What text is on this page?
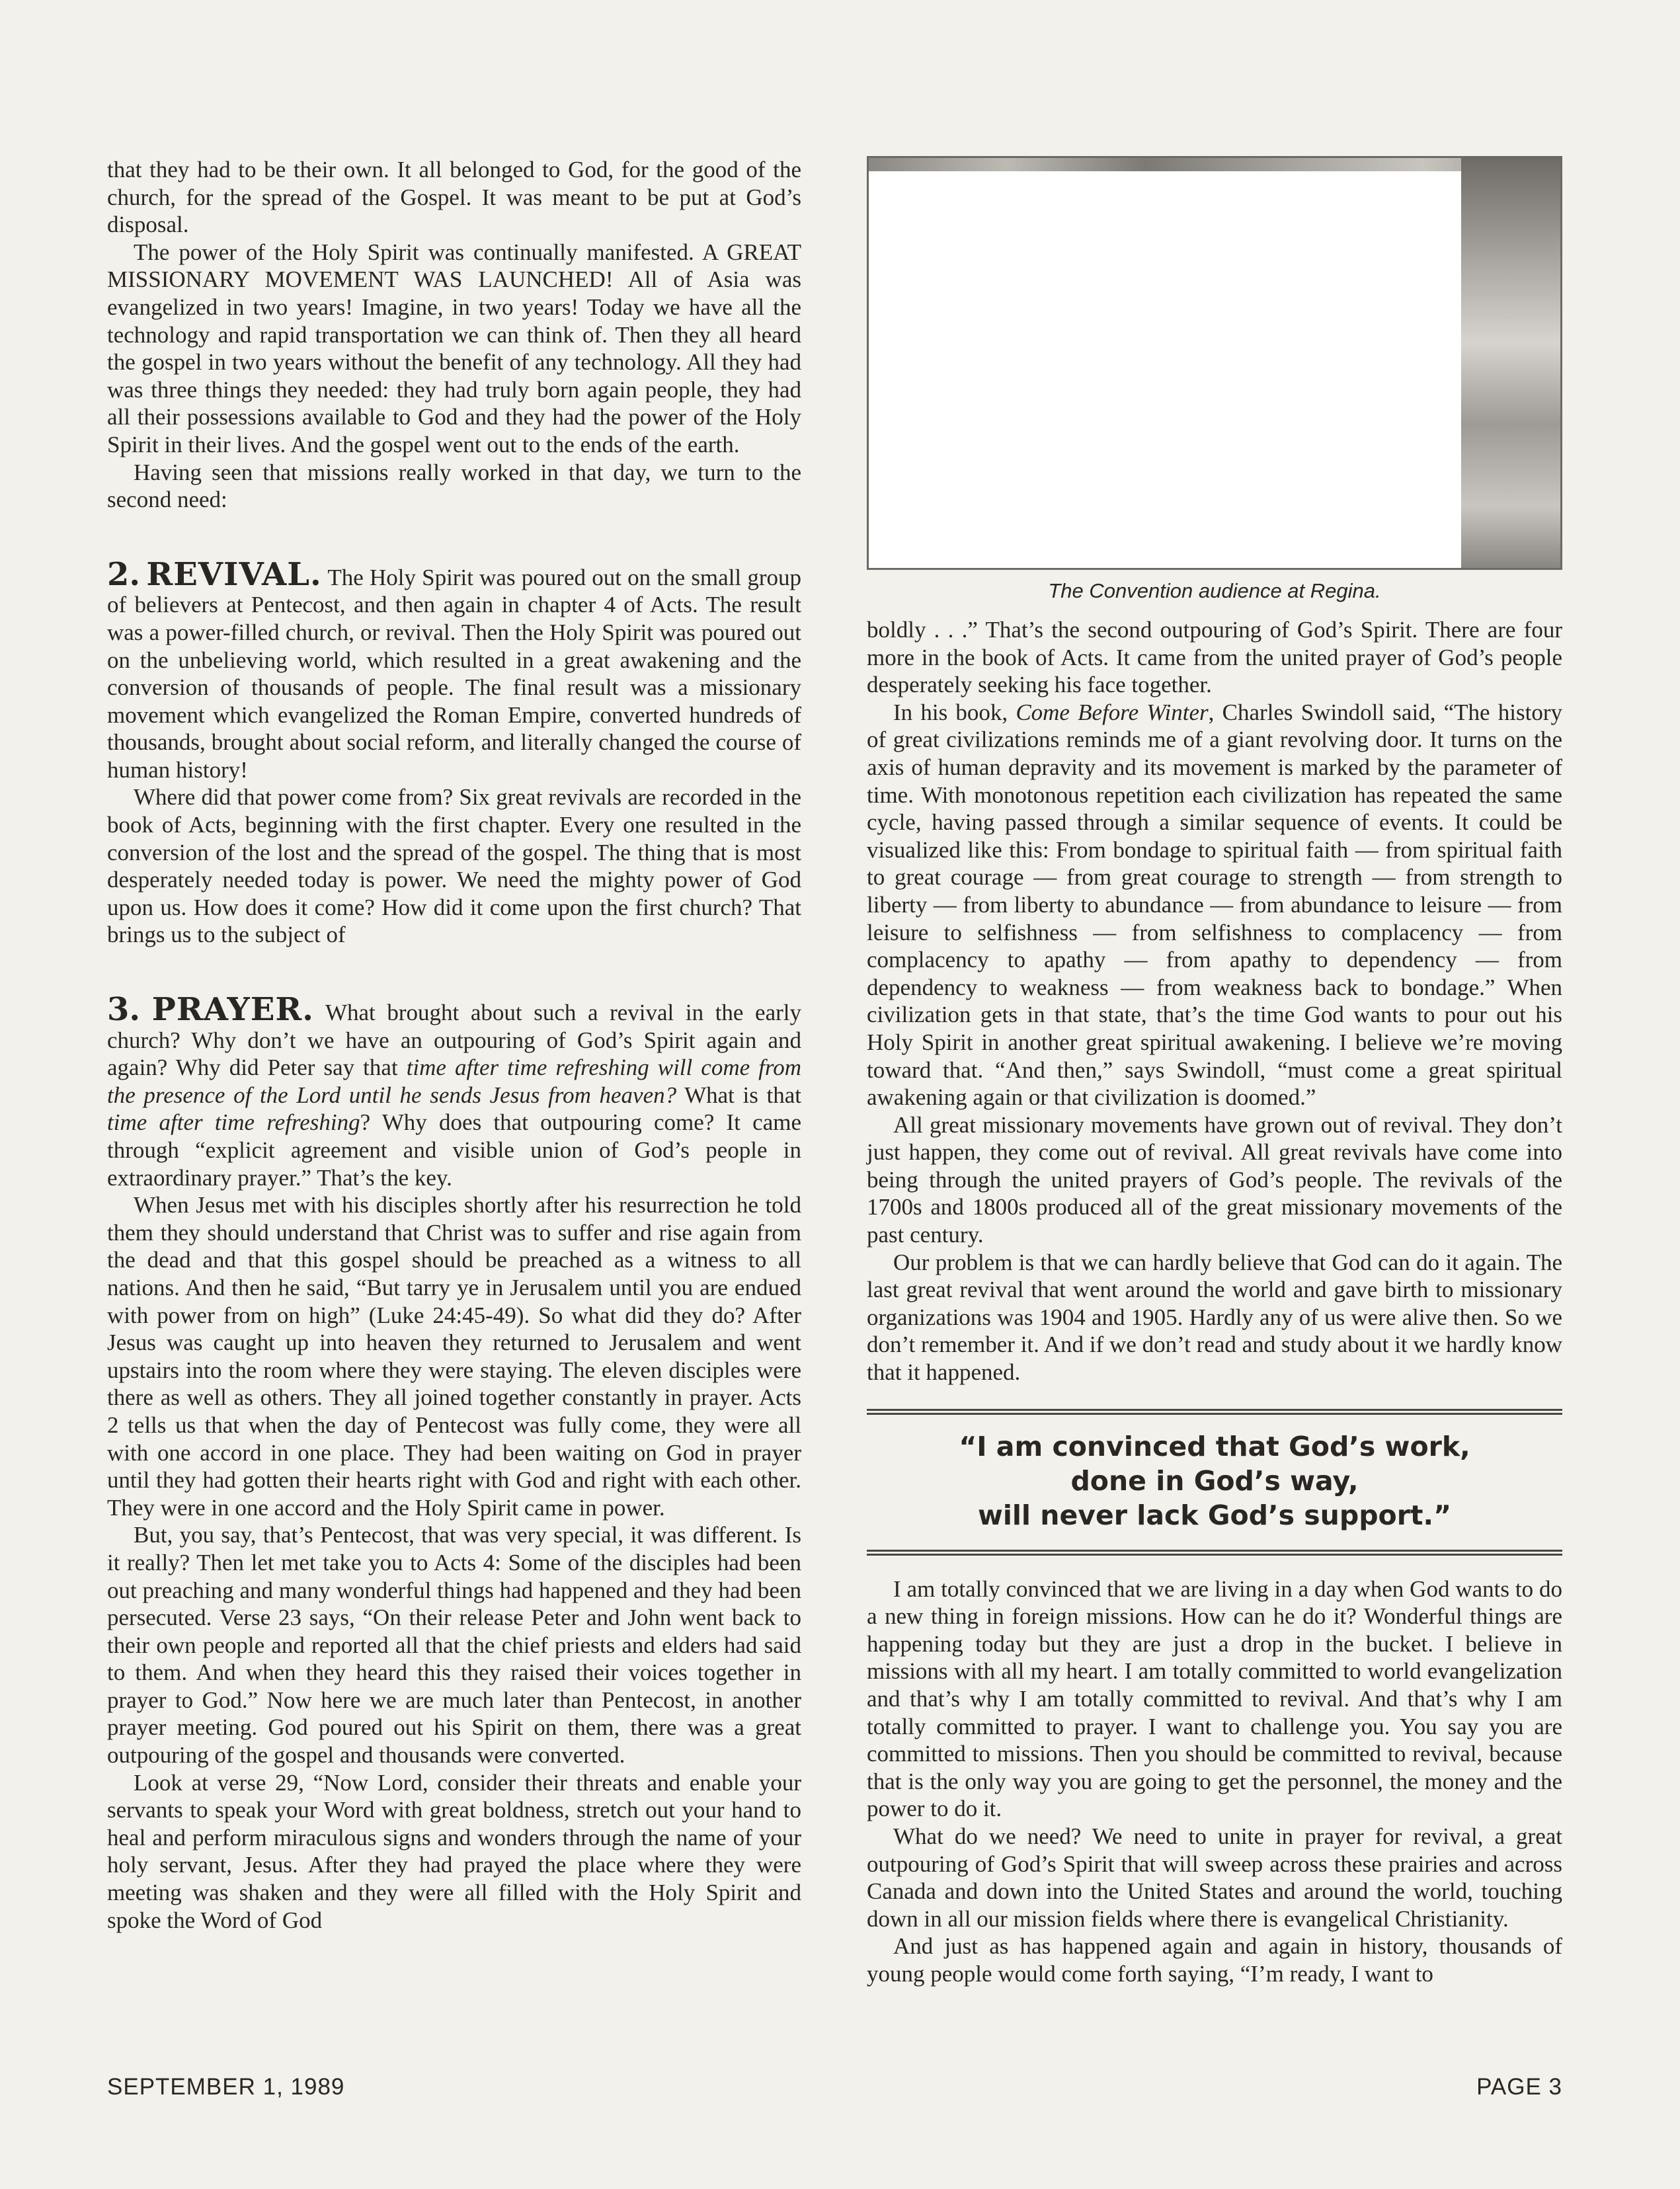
that they had to be their own. It all belonged to God, for the good of the church, for the spread of the Gospel. It was meant to be put at God’s disposal.

The power of the Holy Spirit was continually manifested. A GREAT MISSIONARY MOVEMENT WAS LAUNCHED! All of Asia was evangelized in two years! Imagine, in two years! Today we have all the technology and rapid transportation we can think of. Then they all heard the gospel in two years without the benefit of any technology. All they had was three things they needed: they had truly born again people, they had all their possessions available to God and they had the power of the Holy Spirit in their lives. And the gospel went out to the ends of the earth.

Having seen that missions really worked in that day, we turn to the second need:

2. REVIVAL. The Holy Spirit was poured out on the small group of believers at Pentecost, and then again in chapter 4 of Acts. The result was a power-filled church, or revival. Then the Holy Spirit was poured out on the unbelieving world, which resulted in a great awakening and the conversion of thousands of people. The final result was a missionary movement which evangelized the Roman Empire, converted hundreds of thousands, brought about social reform, and literally changed the course of human history!

Where did that power come from? Six great revivals are recorded in the book of Acts, beginning with the first chapter. Every one resulted in the conversion of the lost and the spread of the gospel. The thing that is most desperately needed today is power. We need the mighty power of God upon us. How does it come? How did it come upon the first church? That brings us to the subject of

3. PRAYER. What brought about such a revival in the early church? Why don’t we have an outpouring of God’s Spirit again and again? Why did Peter say that time after time refreshing will come from the presence of the Lord until he sends Jesus from heaven? What is that time after time refreshing? Why does that outpouring come? It came through “explicit agreement and visible union of God’s people in extraordinary prayer.” That’s the key.

When Jesus met with his disciples shortly after his resurrection he told them they should understand that Christ was to suffer and rise again from the dead and that this gospel should be preached as a witness to all nations. And then he said, “But tarry ye in Jerusalem until you are endued with power from on high” (Luke 24:45-49). So what did they do? After Jesus was caught up into heaven they returned to Jerusalem and went upstairs into the room where they were staying. The eleven disciples were there as well as others. They all joined together constantly in prayer. Acts 2 tells us that when the day of Pentecost was fully come, they were all with one accord in one place. They had been waiting on God in prayer until they had gotten their hearts right with God and right with each other. They were in one accord and the Holy Spirit came in power.

But, you say, that’s Pentecost, that was very special, it was different. Is it really? Then let met take you to Acts 4: Some of the disciples had been out preaching and many wonderful things had happened and they had been persecuted. Verse 23 says, “On their release Peter and John went back to their own people and reported all that the chief priests and elders had said to them. And when they heard this they raised their voices together in prayer to God.” Now here we are much later than Pentecost, in another prayer meeting. God poured out his Spirit on them, there was a great outpouring of the gospel and thousands were converted.

Look at verse 29, “Now Lord, consider their threats and enable your servants to speak your Word with great boldness, stretch out your hand to heal and perform miraculous signs and wonders through the name of your holy servant, Jesus. After they had prayed the place where they were meeting was shaken and they were all filled with the Holy Spirit and spoke the Word of God

The Convention audience at Regina.

boldly . . .” That’s the second outpouring of God’s Spirit. There are four more in the book of Acts. It came from the united prayer of God’s people desperately seeking his face together.

In his book, Come Before Winter, Charles Swindoll said, “The history of great civilizations reminds me of a giant revolving door. It turns on the axis of human depravity and its movement is marked by the parameter of time. With monotonous repetition each civilization has repeated the same cycle, having passed through a similar sequence of events. It could be visualized like this: From bondage to spiritual faith — from spiritual faith to great courage — from great courage to strength — from strength to liberty — from liberty to abundance — from abundance to leisure — from leisure to selfishness — from selfishness to complacency — from complacency to apathy — from apathy to dependency — from dependency to weakness — from weakness back to bondage.” When civilization gets in that state, that’s the time God wants to pour out his Holy Spirit in another great spiritual awakening. I believe we’re moving toward that. “And then,” says Swindoll, “must come a great spiritual awakening again or that civilization is doomed.”

All great missionary movements have grown out of revival. They don’t just happen, they come out of revival. All great revivals have come into being through the united prayers of God’s people. The revivals of the 1700s and 1800s produced all of the great missionary movements of the past century.

Our problem is that we can hardly believe that God can do it again. The last great revival that went around the world and gave birth to missionary organizations was 1904 and 1905. Hardly any of us were alive then. So we don’t remember it. And if we don’t read and study about it we hardly know that it happened.

“I am convinced that God’s work,
done in God’s way,
will never lack God’s support.”

I am totally convinced that we are living in a day when God wants to do a new thing in foreign missions. How can he do it? Wonderful things are happening today but they are just a drop in the bucket. I believe in missions with all my heart. I am totally committed to world evangelization and that’s why I am totally committed to revival. And that’s why I am totally committed to prayer. I want to challenge you. You say you are committed to missions. Then you should be committed to revival, because that is the only way you are going to get the personnel, the money and the power to do it.

What do we need? We need to unite in prayer for revival, a great outpouring of God’s Spirit that will sweep across these prairies and across Canada and down into the United States and around the world, touching down in all our mission fields where there is evangelical Christianity.

And just as has happened again and again in history, thousands of young people would come forth saying, “I’m ready, I want to

SEPTEMBER 1, 1989	PAGE 3
